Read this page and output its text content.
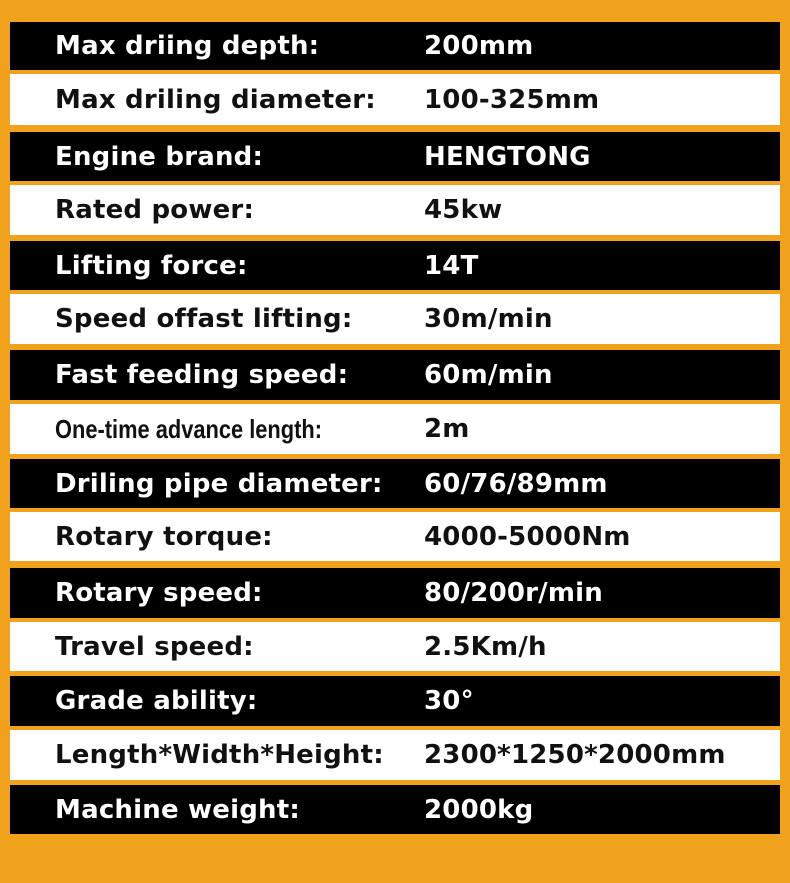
Max driing depth:	200mm
Max driling diameter: 100-325mm
Engine brand:	HENGTONG
Rated power:	45kw
Lifting force:	14T
Speed offast lifting:	30m/min
Fast feeding speed:	60m/min
One-time advance length:	2m
Driling pipe diameter: 60/76/89mm
Rotary torque:	4000-5000Nm
Rotary speed:	80/200r/min
Travel speed:	2.5Km/h
Grade ability:	30°
Length*Width*Height: 2300*1250*2000mm
Machine weight:	2000kg
